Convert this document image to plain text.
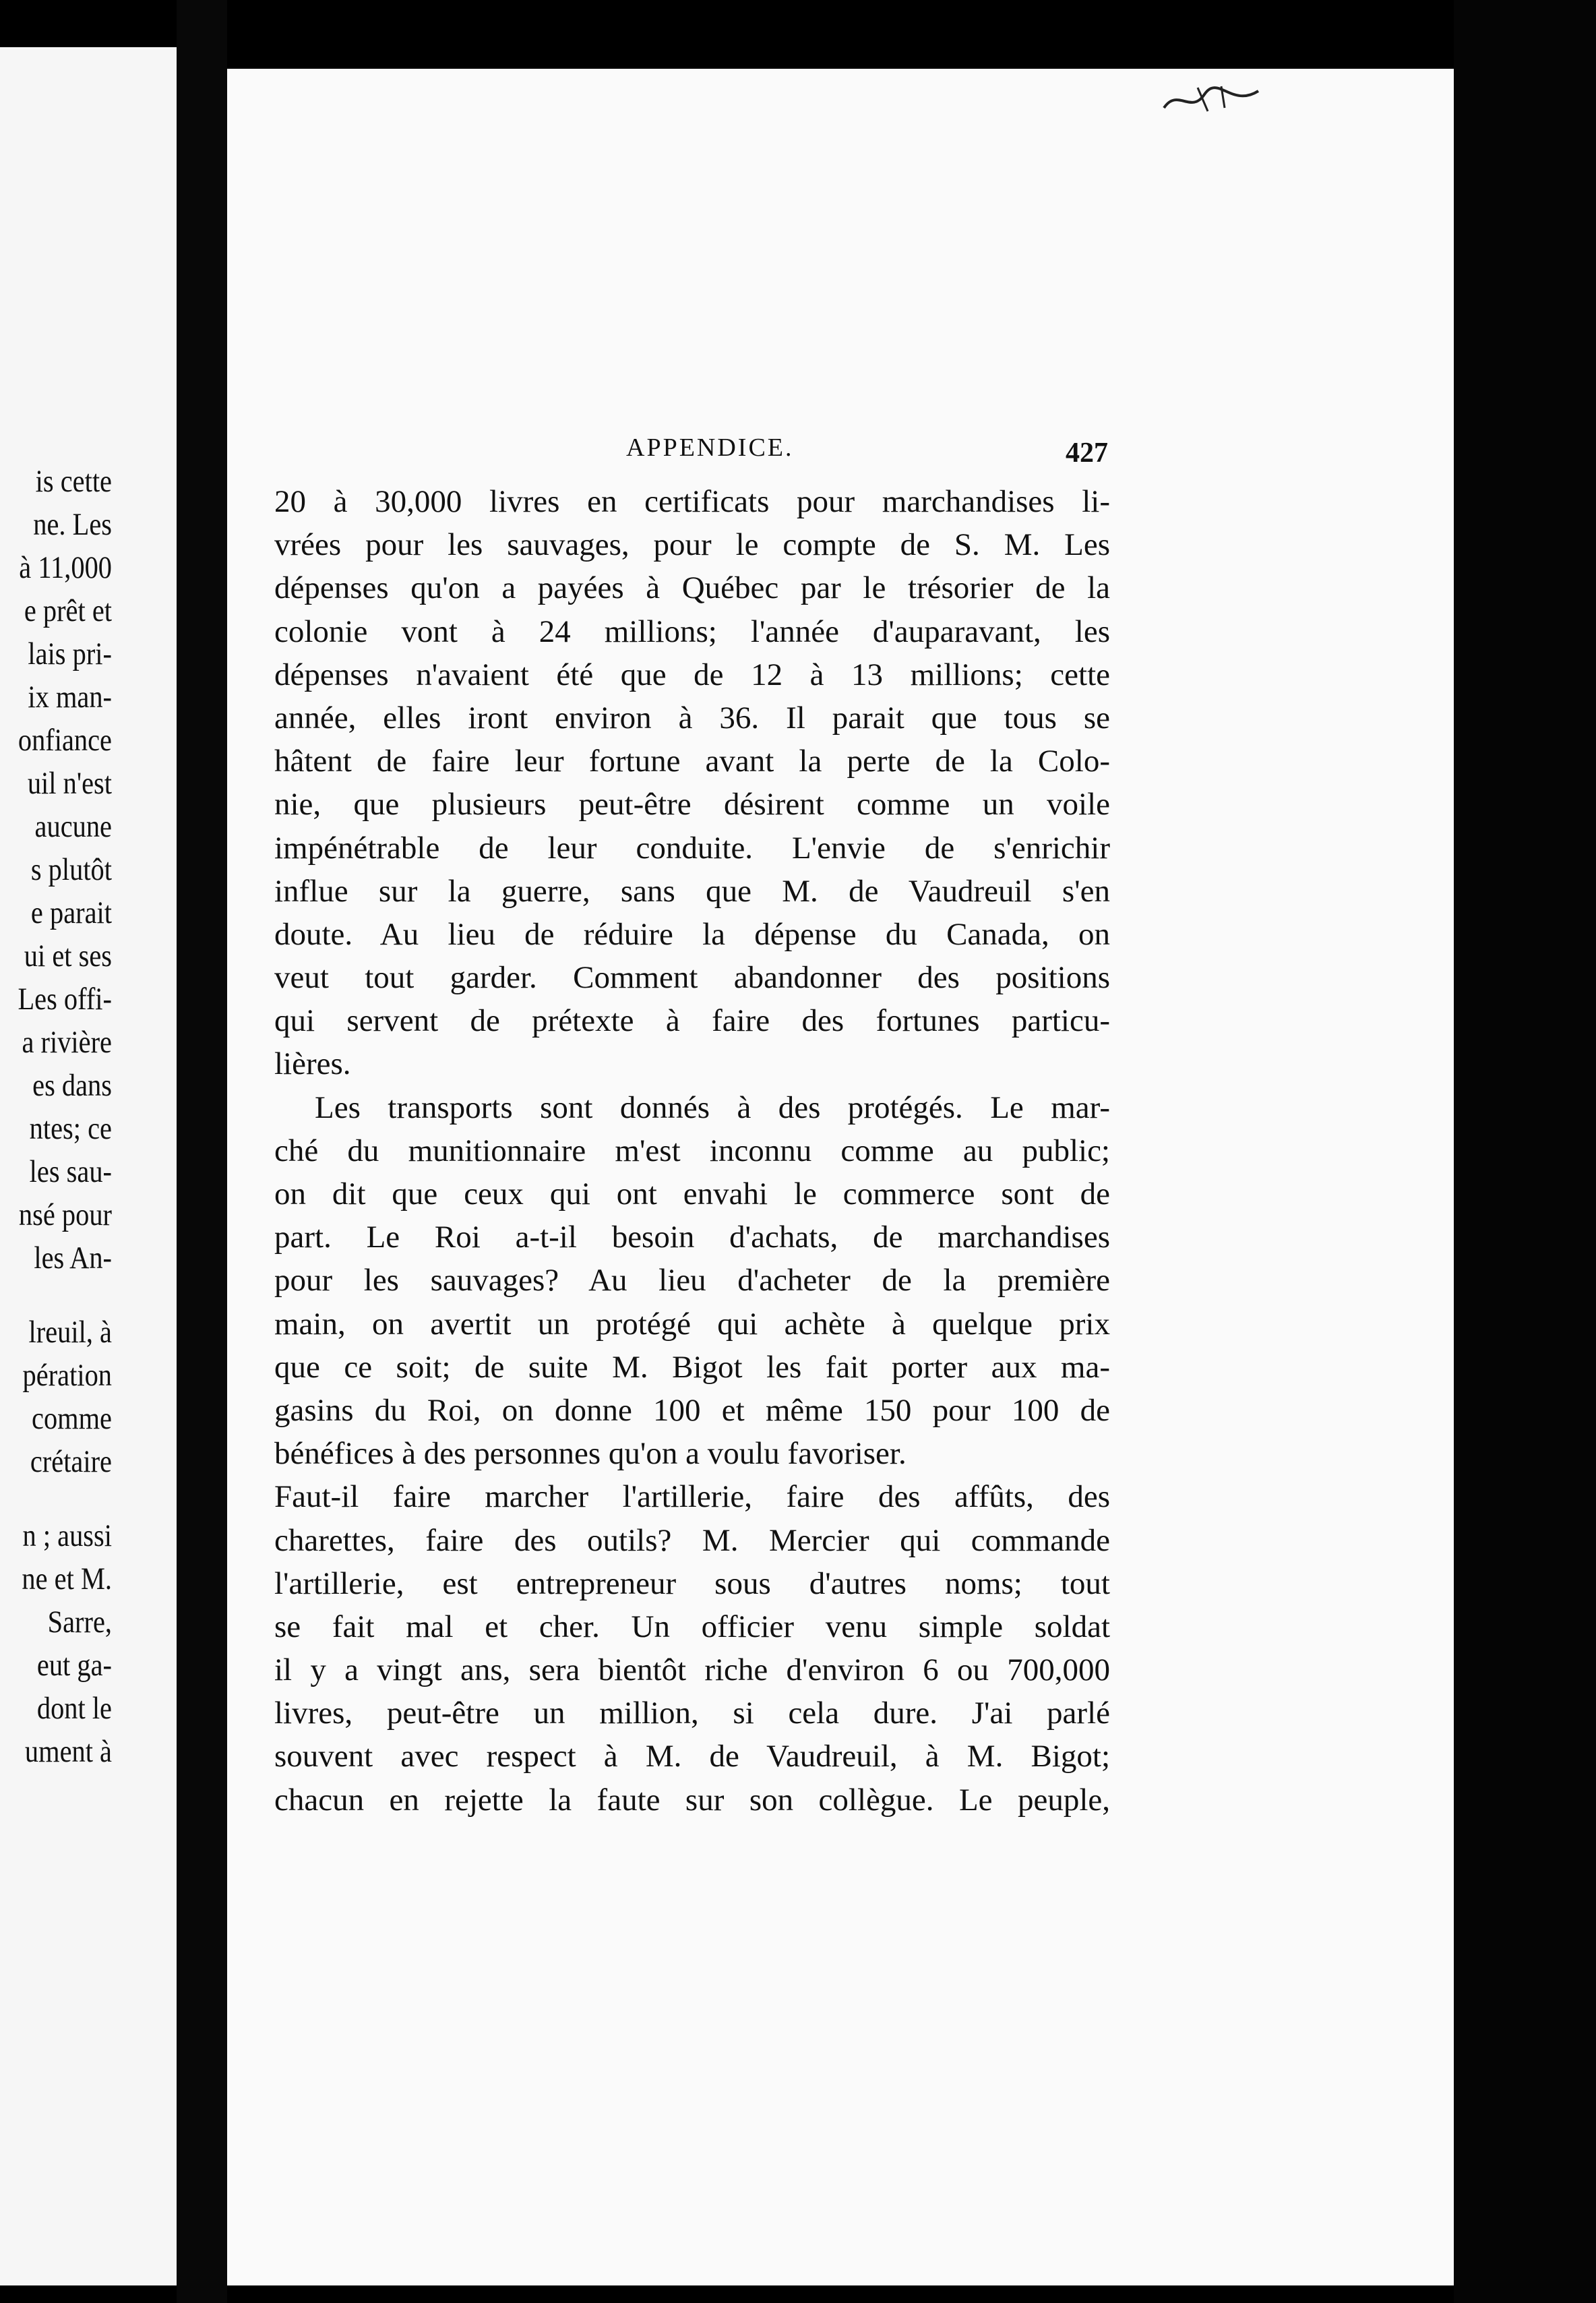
is cette
ne. Les
à 11,000
e prêt et
lais pri-
ix man-
onfiance
uil n'est
aucune
s plutôt
e parait
ui et ses
Les offi-
a rivière
es dans
ntes; ce
les sau-
nsé pour
les An-
lreuil, à
pération
comme
crétaire
n ; aussi
ne et M.
Sarre,
eut ga-
dont le
ument à
APPENDICE.	427
20 à 30,000 livres en certificats pour marchandises li-
vrées pour les sauvages, pour le compte de S. M. Les
dépenses qu'on a payées à Québec par le trésorier de la
colonie vont à 24 millions; l'année d'auparavant, les
dépenses n'avaient été que de 12 à 13 millions; cette
année, elles iront environ à 36. Il parait que tous se
hâtent de faire leur fortune avant la perte de la Colo-
nie, que plusieurs peut-être désirent comme un voile
impénétrable de leur conduite. L'envie de s'enrichir
influe sur la guerre, sans que M. de Vaudreuil s'en
doute. Au lieu de réduire la dépense du Canada, on
veut tout garder. Comment abandonner des positions
qui servent de prétexte à faire des fortunes particu-
lières.
Les transports sont donnés à des protégés. Le mar-
ché du munitionnaire m'est inconnu comme au public;
on dit que ceux qui ont envahi le commerce sont de
part. Le Roi a-t-il besoin d'achats, de marchandises
pour les sauvages? Au lieu d'acheter de la première
main, on avertit un protégé qui achète à quelque prix
que ce soit; de suite M. Bigot les fait porter aux ma-
gasins du Roi, on donne 100 et même 150 pour 100 de
bénéfices à des personnes qu'on a voulu favoriser.
Faut-il faire marcher l'artillerie, faire des affûts, des
charettes, faire des outils? M. Mercier qui commande
l'artillerie, est entrepreneur sous d'autres noms; tout
se fait mal et cher. Un officier venu simple soldat
il y a vingt ans, sera bientôt riche d'environ 6 ou 700,000
livres, peut-être un million, si cela dure. J'ai parlé
souvent avec respect à M. de Vaudreuil, à M. Bigot;
chacun en rejette la faute sur son collègue. Le peuple,
